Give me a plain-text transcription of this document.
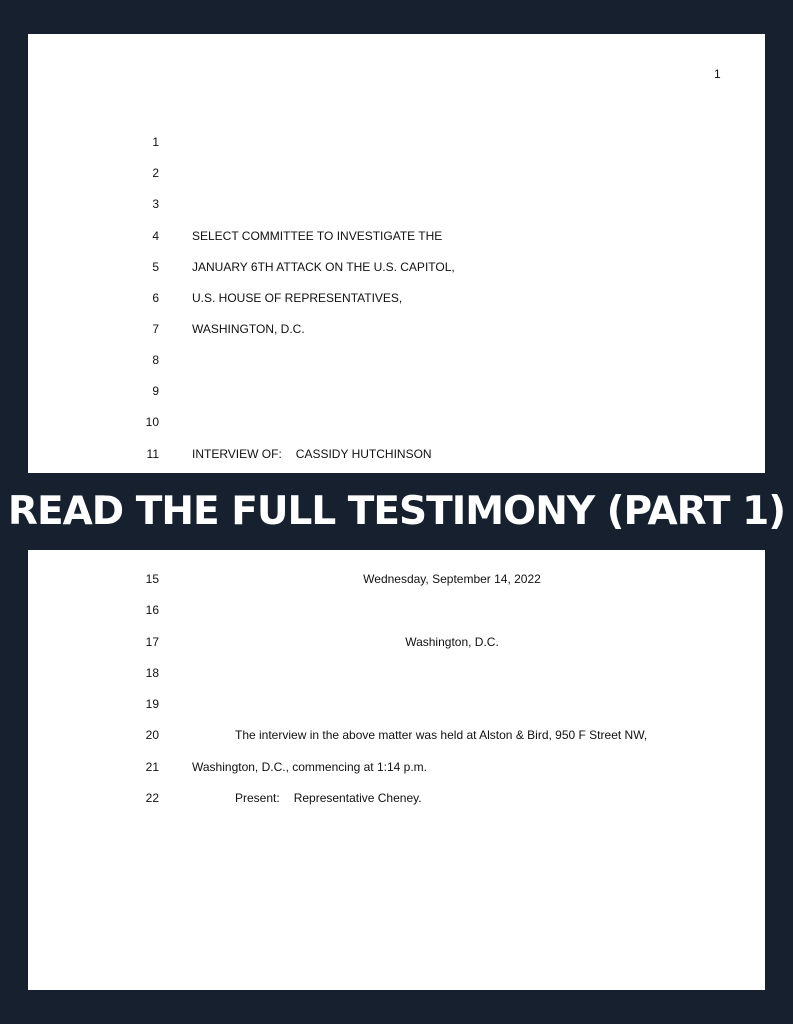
1
1
2
3
4
5
6
7
8
9
10
11
SELECT COMMITTEE TO INVESTIGATE THE
JANUARY 6TH ATTACK ON THE U.S. CAPITOL,
U.S. HOUSE OF REPRESENTATIVES,
WASHINGTON, D.C.
INTERVIEW OF: CASSIDY HUTCHINSON
READ THE FULL TESTIMONY (PART 1)
15
16
17
18
19
20
21
22
Wednesday, September 14, 2022
Washington, D.C.
The interview in the above matter was held at Alston & Bird, 950 F Street NW,
Washington, D.C., commencing at 1:14 p.m.
Present: Representative Cheney.
